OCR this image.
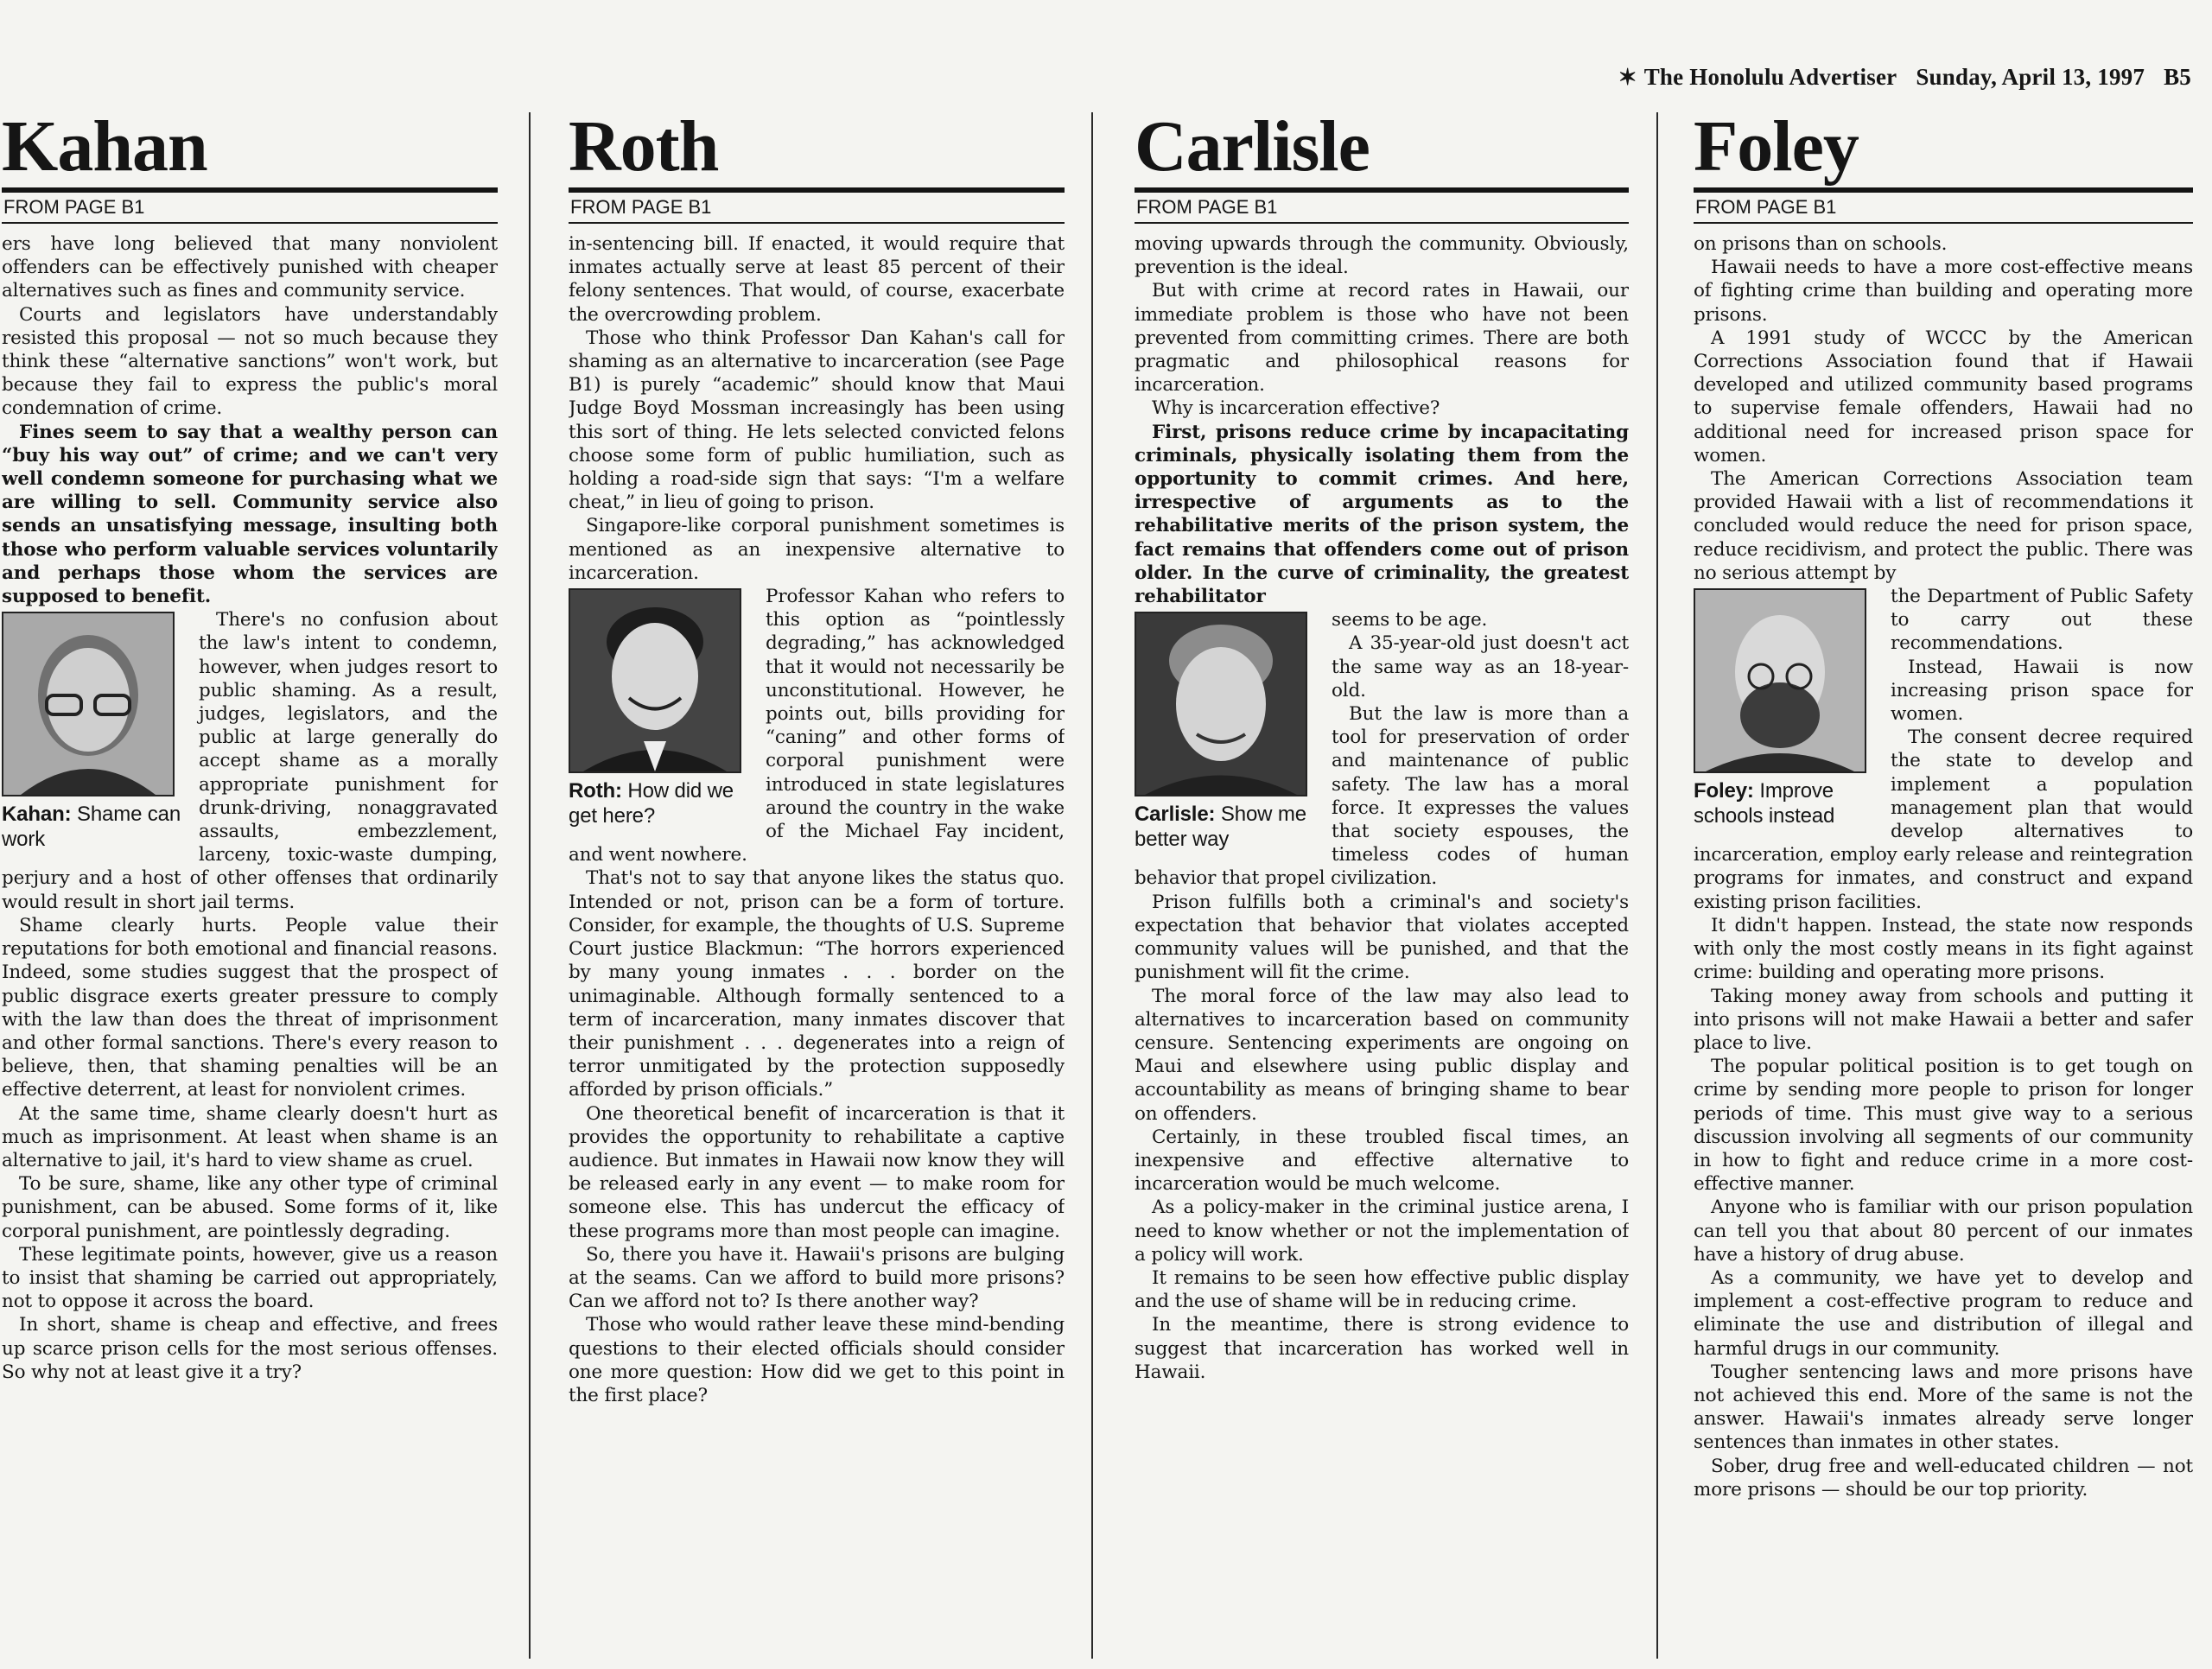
✶ The Honolulu Advertiser Sunday, April 13, 1997 B5
Kahan
FROM PAGE B1

ers have long believed that many nonviolent offenders can be effectively punished with cheaper alternatives such as fines and community service.

Courts and legislators have understandably resisted this proposal — not so much because they think these “alternative sanctions” won't work, but because they fail to express the public's moral condemnation of crime.

Fines seem to say that a wealthy person can “buy his way out” of crime; and we can't very well condemn someone for purchasing what we are willing to sell. Community service also sends an unsatisfying message, insulting both those who perform valuable services voluntarily and perhaps those whom the services are supposed to benefit.

Kahan: Shame can work

There's no confusion about the law's intent to condemn, however, when judges resort to public shaming. As a result, judges, legislators, and the public at large generally do accept shame as a morally appropriate punishment for drunk-driving, nonaggravated assaults, embezzlement, larceny, toxic-waste dumping, perjury and a host of other offenses that ordinarily would result in short jail terms.

Shame clearly hurts. People value their reputations for both emotional and financial reasons. Indeed, some studies suggest that the prospect of public disgrace exerts greater pressure to comply with the law than does the threat of imprisonment and other formal sanctions. There's every reason to believe, then, that shaming penalties will be an effective deterrent, at least for nonviolent crimes.

At the same time, shame clearly doesn't hurt as much as imprisonment. At least when shame is an alternative to jail, it's hard to view shame as cruel.

To be sure, shame, like any other type of criminal punishment, can be abused. Some forms of it, like corporal punishment, are pointlessly degrading.

These legitimate points, however, give us a reason to insist that shaming be carried out appropriately, not to oppose it across the board.

In short, shame is cheap and effective, and frees up scarce prison cells for the most serious offenses. So why not at least give it a try?

Roth
FROM PAGE B1

in-sentencing bill. If enacted, it would require that inmates actually serve at least 85 percent of their felony sentences. That would, of course, exacerbate the overcrowding problem.

Those who think Professor Dan Kahan's call for shaming as an alternative to incarceration (see Page B1) is purely “academic” should know that Maui Judge Boyd Mossman increasingly has been using this sort of thing. He lets selected convicted felons choose some form of public humiliation, such as holding a road-side sign that says: “I'm a welfare cheat,” in lieu of going to prison.

Singapore-like corporal punishment sometimes is mentioned as an inexpensive alternative to incarceration.

Roth: How did we get here?

Professor Kahan who refers to this option as “pointlessly degrading,” has acknowledged that it would not necessarily be unconstitutional. However, he points out, bills providing for “caning” and other forms of corporal punishment were introduced in state legislatures around the country in the wake of the Michael Fay incident, and went nowhere.

That's not to say that anyone likes the status quo. Intended or not, prison can be a form of torture. Consider, for example, the thoughts of U.S. Supreme Court justice Blackmun: “The horrors experienced by many young inmates . . . border on the unimaginable. Although formally sentenced to a term of incarceration, many inmates discover that their punishment . . . degenerates into a reign of terror unmitigated by the protection supposedly afforded by prison officials.”

One theoretical benefit of incarceration is that it provides the opportunity to rehabilitate a captive audience. But inmates in Hawaii now know they will be released early in any event — to make room for someone else. This has undercut the efficacy of these programs more than most people can imagine.

So, there you have it. Hawaii's prisons are bulging at the seams. Can we afford to build more prisons? Can we afford not to? Is there another way?

Those who would rather leave these mind-bending questions to their elected officials should consider one more question: How did we get to this point in the first place?

Carlisle
FROM PAGE B1

moving upwards through the community. Obviously, prevention is the ideal.

But with crime at record rates in Hawaii, our immediate problem is those who have not been prevented from committing crimes. There are both pragmatic and philosophical reasons for incarceration.

Why is incarceration effective?

First, prisons reduce crime by incapacitating criminals, physically isolating them from the opportunity to commit crimes. And here, irrespective of arguments as to the rehabilitative merits of the prison system, the fact remains that offenders come out of prison older. In the curve of criminality, the greatest rehabilitator

Carlisle: Show me better way

seems to be age.

A 35-year-old just doesn't act the same way as an 18-year-old.

But the law is more than a tool for preservation of order and maintenance of public safety. The law has a moral force. It expresses the values that society espouses, the timeless codes of human behavior that propel civilization.

Prison fulfills both a criminal's and society's expectation that behavior that violates accepted community values will be punished, and that the punishment will fit the crime.

The moral force of the law may also lead to alternatives to incarceration based on community censure. Sentencing experiments are ongoing on Maui and elsewhere using public display and accountability as means of bringing shame to bear on offenders.

Certainly, in these troubled fiscal times, an inexpensive and effective alternative to incarceration would be much welcome.

As a policy-maker in the criminal justice arena, I need to know whether or not the implementation of a policy will work.

It remains to be seen how effective public display and the use of shame will be in reducing crime.

In the meantime, there is strong evidence to suggest that incarceration has worked well in Hawaii.

Foley
FROM PAGE B1

on prisons than on schools.

Hawaii needs to have a more cost-effective means of fighting crime than building and operating more prisons.

A 1991 study of WCCC by the American Corrections Association found that if Hawaii developed and utilized community based programs to supervise female offenders, Hawaii had no additional need for increased prison space for women.

The American Corrections Association team provided Hawaii with a list of recommendations it concluded would reduce the need for prison space, reduce recidivism, and protect the public. There was no serious attempt by

Foley: Improve schools instead

the Department of Public Safety to carry out these recommendations.

Instead, Hawaii is now increasing prison space for women.

The consent decree required the state to develop and implement a population management plan that would develop alternatives to incarceration, employ early release and reintegration programs for inmates, and construct and expand existing prison facilities.

It didn't happen. Instead, the state now responds with only the most costly means in its fight against crime: building and operating more prisons.

Taking money away from schools and putting it into prisons will not make Hawaii a better and safer place to live.

The popular political position is to get tough on crime by sending more people to prison for longer periods of time. This must give way to a serious discussion involving all segments of our community in how to fight and reduce crime in a more cost-effective manner.

Anyone who is familiar with our prison population can tell you that about 80 percent of our inmates have a history of drug abuse.

As a community, we have yet to develop and implement a cost-effective program to reduce and eliminate the use and distribution of illegal and harmful drugs in our community.

Tougher sentencing laws and more prisons have not achieved this end. More of the same is not the answer. Hawaii's inmates already serve longer sentences than inmates in other states.

Sober, drug free and well-educated children — not more prisons — should be our top priority.
